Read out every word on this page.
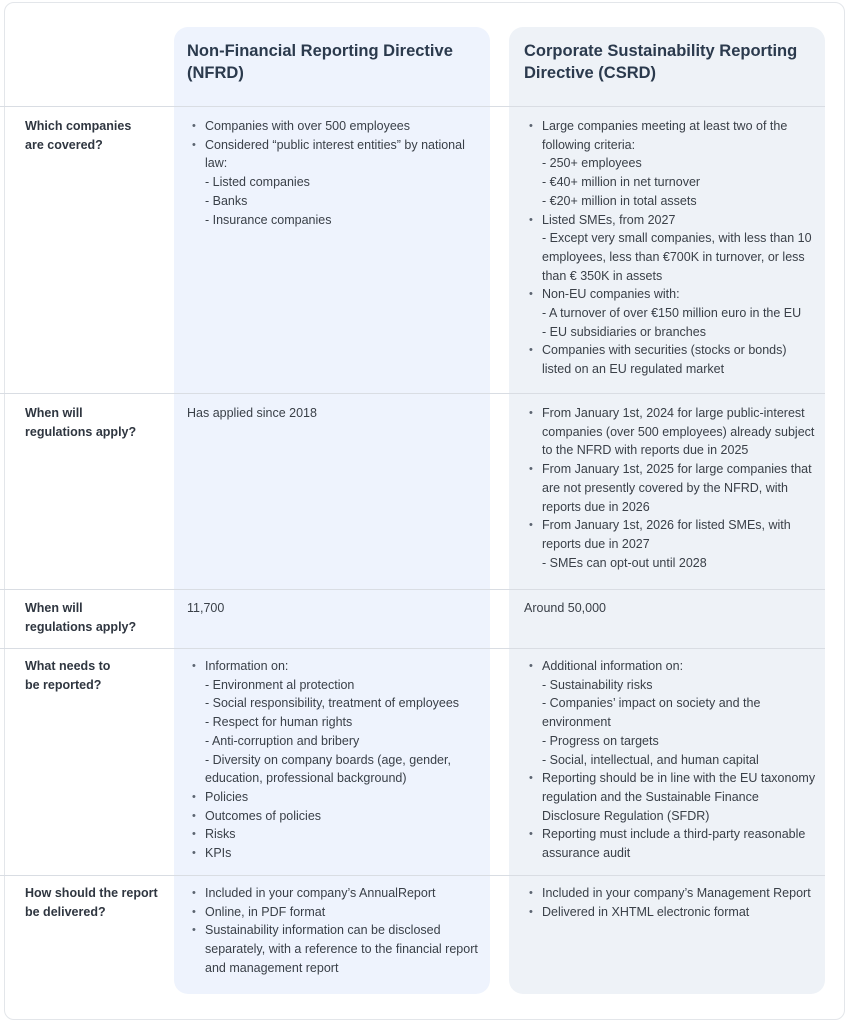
Non-Financial Reporting Directive (NFRD)
Corporate Sustainability Reporting Directive (CSRD)
Which companies are covered?
• Companies with over 500 employees
• Considered “public interest entities” by national law:
- Listed companies
- Banks
- Insurance companies
• Large companies meeting at least two of the following criteria:
- 250+ employees
- €40+ million in net turnover
- €20+ million in total assets
• Listed SMEs, from 2027
- Except very small companies, with less than 10 employees, less than €700K in turnover, or less than € 350K in assets
• Non-EU companies with:
- A turnover of over €150 million euro in the EU
- EU subsidiaries or branches
• Companies with securities (stocks or bonds) listed on an EU regulated market
When will regulations apply?
Has applied since 2018
•	From January 1st, 2024 for large public-interest companies (over 500 employees) already subject to the NFRD with reports due in 2025
• From January 1st, 2025 for large companies that are not presently covered by the NFRD, with reports due in 2026
• From January 1st, 2026 for listed SMEs, with reports due in 2027
- SMEs can opt-out until 2028
When will regulations apply?
11,700	Around 50,000
What needs to be reported?
• Information on:
- Environment al protection
- Social responsibility, treatment of employees
- Respect for human rights
- Anti-corruption and bribery
- Diversity on company boards (age, gender, education, professional background)
• Policies
• Outcomes of policies
• Risks
• KPIs
• Additional information on:
- Sustainability risks
- Companies’ impact on society and the environment
- Progress on targets
- Social, intellectual, and human capital
• Reporting should be in line with the EU taxonomy regulation and the Sustainable Finance Disclosure Regulation (SFDR)
• Reporting must include a third-party reasonable assurance audit
How should the report be delivered?
• Included in your company’s AnnualReport
• Online, in PDF format
• Sustainability information can be disclosed separately, with a reference to the financial report and management report
• Included in your company’s Management Report
• Delivered in XHTML electronic format
